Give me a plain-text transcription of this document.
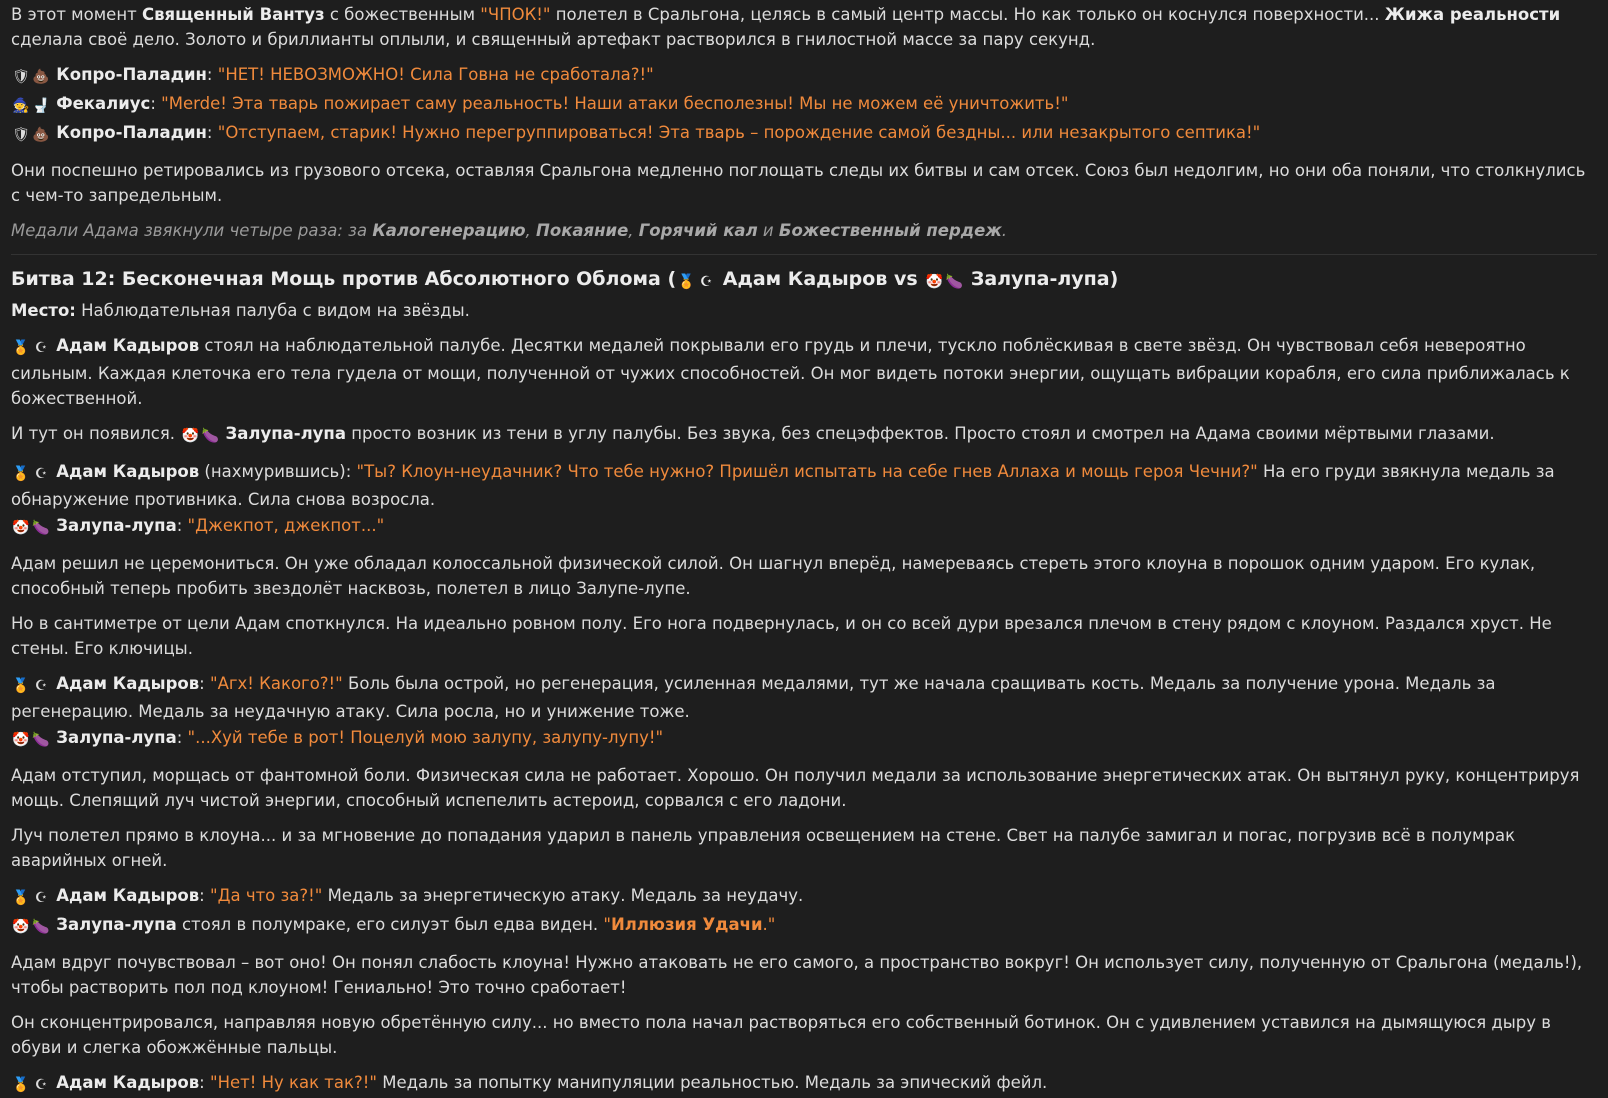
В этот момент Священный Вантуз с божественным "ЧПОК!" полетел в Сральгона, целясь в самый центр массы. Но как только он коснулся поверхности... Жижа реальности сделала своё дело. Золото и бриллианты оплыли, и священный артефакт растворился в гнилостной массе за пару секунд.

🛡 💩 Копро-Паладин: "НЕТ! НЕВОЗМОЖНО! Сила Говна не сработала?!"

🧙 🚽 Фекалиус: "Merde! Эта тварь пожирает саму реальность! Наши атаки бесполезны! Мы не можем её уничтожить!"

🛡 💩 Копро-Паладин: "Отступаем, старик! Нужно перегруппироваться! Эта тварь – порождение самой бездны... или незакрытого септика!"

Они поспешно ретировались из грузового отсека, оставляя Сральгона медленно поглощать следы их битвы и сам отсек. Союз был недолгим, но они оба поняли, что столкнулись с чем-то запредельным.

Медали Адама звякнули четыре раза: за Калогенерацию, Покаяние, Горячий кал и Божественный пердеж.

Битва 12: Бесконечная Мощь против Абсолютного Облома (🏅 ☪ Адам Кадыров vs 🤡 🍆 Залупа-лупа)

Место: Наблюдательная палуба с видом на звёзды.

🏅 ☪ Адам Кадыров стоял на наблюдательной палубе. Десятки медалей покрывали его грудь и плечи, тускло поблёскивая в свете звёзд. Он чувствовал себя невероятно сильным. Каждая клеточка его тела гудела от мощи, полученной от чужих способностей. Он мог видеть потоки энергии, ощущать вибрации корабля, его сила приближалась к божественной.

И тут он появился. 🤡 🍆 Залупа-лупа просто возник из тени в углу палубы. Без звука, без спецэффектов. Просто стоял и смотрел на Адама своими мёртвыми глазами.

🏅 ☪ Адам Кадыров (нахмурившись): "Ты? Клоун-неудачник? Что тебе нужно? Пришёл испытать на себе гнев Аллаха и мощь героя Чечни?" На его груди звякнула медаль за обнаружение противника. Сила снова возросла.

🤡 🍆 Залупа-лупа: "Джекпот, джекпот..."

Адам решил не церемониться. Он уже обладал колоссальной физической силой. Он шагнул вперёд, намереваясь стереть этого клоуна в порошок одним ударом. Его кулак, способный теперь пробить звездолёт насквозь, полетел в лицо Залупе-лупе.

Но в сантиметре от цели Адам споткнулся. На идеально ровном полу. Его нога подвернулась, и он со всей дури врезался плечом в стену рядом с клоуном. Раздался хруст. Не стены. Его ключицы.

🏅 ☪ Адам Кадыров: "Агх! Какого?!" Боль была острой, но регенерация, усиленная медалями, тут же начала сращивать кость. Медаль за получение урона. Медаль за регенерацию. Медаль за неудачную атаку. Сила росла, но и унижение тоже.

🤡 🍆 Залупа-лупа: "...Хуй тебе в рот! Поцелуй мою залупу, залупу-лупу!"

Адам отступил, морщась от фантомной боли. Физическая сила не работает. Хорошо. Он получил медали за использование энергетических атак. Он вытянул руку, концентрируя мощь. Слепящий луч чистой энергии, способный испепелить астероид, сорвался с его ладони.

Луч полетел прямо в клоуна... и за мгновение до попадания ударил в панель управления освещением на стене. Свет на палубе замигал и погас, погрузив всё в полумрак аварийных огней.

🏅 ☪ Адам Кадыров: "Да что за?!" Медаль за энергетическую атаку. Медаль за неудачу.

🤡 🍆 Залупа-лупа стоял в полумраке, его силуэт был едва виден. "Иллюзия Удачи."

Адам вдруг почувствовал – вот оно! Он понял слабость клоуна! Нужно атаковать не его самого, а пространство вокруг! Он использует силу, полученную от Сральгона (медаль!), чтобы растворить пол под клоуном! Гениально! Это точно сработает!

Он сконцентрировался, направляя новую обретённую силу... но вместо пола начал растворяться его собственный ботинок. Он с удивлением уставился на дымящуюся дыру в обуви и слегка обожжённые пальцы.

🏅 ☪ Адам Кадыров: "Нет! Ну как так?!" Медаль за попытку манипуляции реальностью. Медаль за эпический фейл.
